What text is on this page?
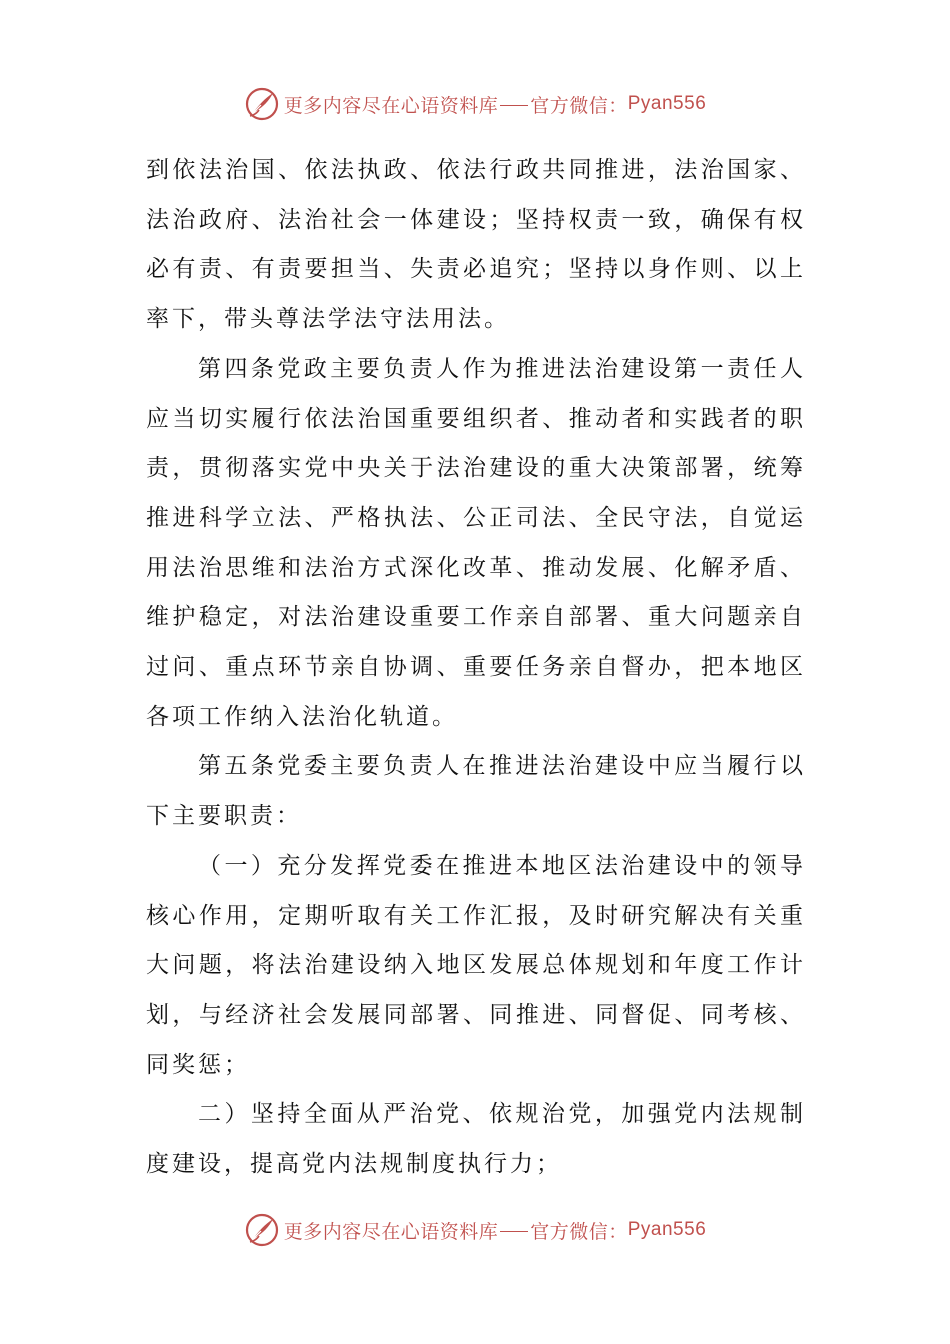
更多内容尽在心语资料库 官方微信： Pyan556

到依法治国、依法执政、依法行政共同推进，法治国家、法治政府、法治社会一体建设；坚持权责一致，确保有权必有责、有责要担当、失责必追究；坚持以身作则、以上率下，带头尊法学法守法用法。

第四条党政主要负责人作为推进法治建设第一责任人应当切实履行依法治国重要组织者、推动者和实践者的职责，贯彻落实党中央关于法治建设的重大决策部署，统筹推进科学立法、严格执法、公正司法、全民守法，自觉运用法治思维和法治方式深化改革、推动发展、化解矛盾、维护稳定，对法治建设重要工作亲自部署、重大问题亲自过问、重点环节亲自协调、重要任务亲自督办，把本地区各项工作纳入法治化轨道。

第五条党委主要负责人在推进法治建设中应当履行以下主要职责：

（一）充分发挥党委在推进本地区法治建设中的领导核心作用，定期听取有关工作汇报，及时研究解决有关重大问题，将法治建设纳入地区发展总体规划和年度工作计划，与经济社会发展同部署、同推进、同督促、同考核、同奖惩；

二）坚持全面从严治党、依规治党，加强党内法规制度建设，提高党内法规制度执行力；

更多内容尽在心语资料库 官方微信： Pyan556
